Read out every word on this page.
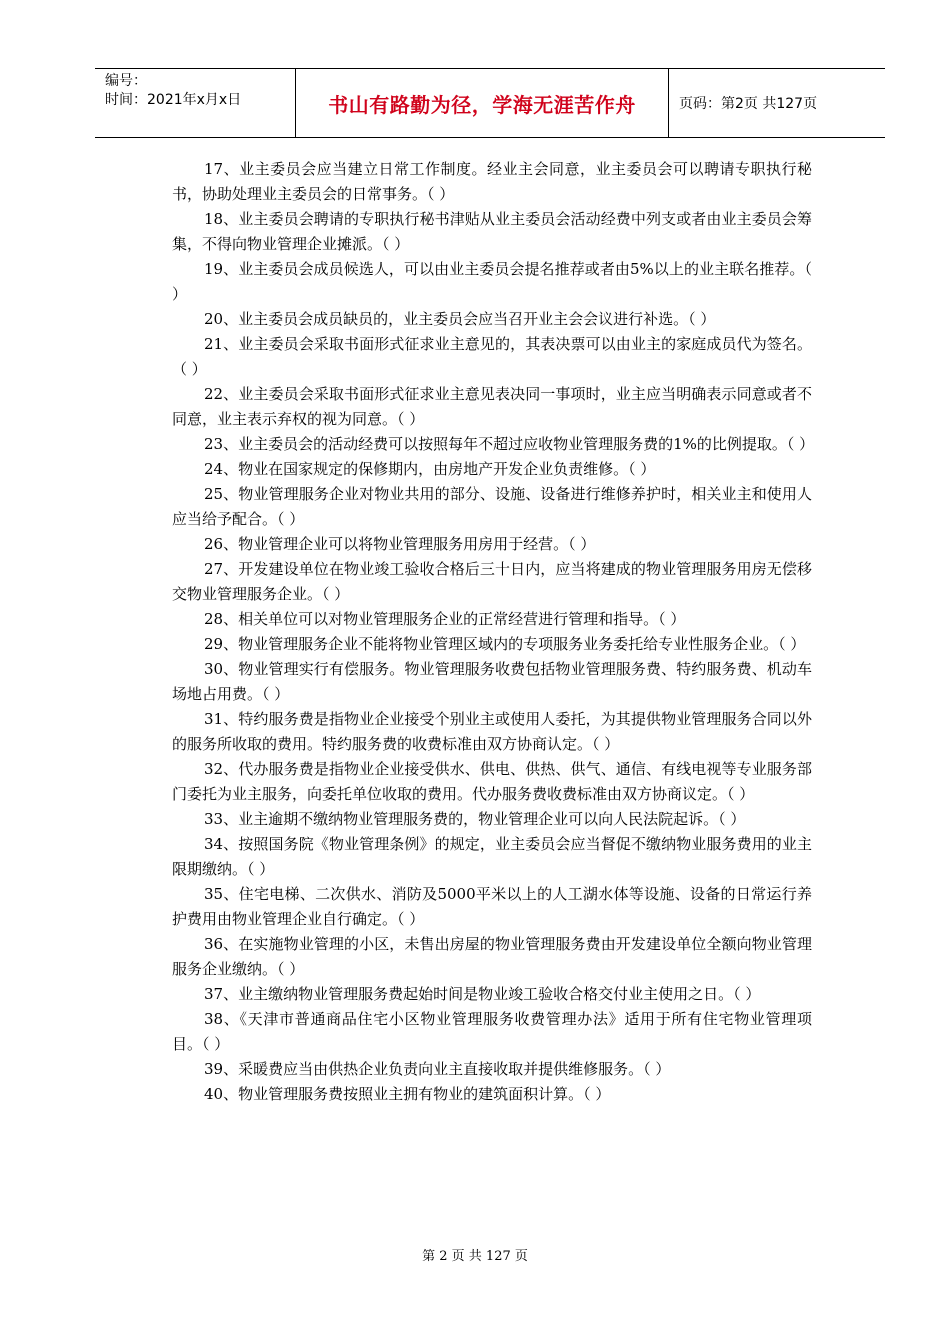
编号：
时间：2021年x月x日	书山有路勤为径，学海无涯苦作舟	页码：第2页 共127页

17、业主委员会应当建立日常工作制度。经业主会同意，业主委员会可以聘请专职执行秘书，协助处理业主委员会的日常事务。（ ）

18、业主委员会聘请的专职执行秘书津贴从业主委员会活动经费中列支或者由业主委员会筹集，不得向物业管理企业摊派。（ ）

19、业主委员会成员候选人，可以由业主委员会提名推荐或者由5%以上的业主联名推荐。（ ）

20、业主委员会成员缺员的，业主委员会应当召开业主会会议进行补选。（ ）

21、业主委员会采取书面形式征求业主意见的，其表决票可以由业主的家庭成员代为签名。（ ）

22、业主委员会采取书面形式征求业主意见表决同一事项时，业主应当明确表示同意或者不同意，业主表示弃权的视为同意。（ ）

23、业主委员会的活动经费可以按照每年不超过应收物业管理服务费的1%的比例提取。（ ）

24、物业在国家规定的保修期内，由房地产开发企业负责维修。（ ）

25、物业管理服务企业对物业共用的部分、设施、设备进行维修养护时，相关业主和使用人应当给予配合。（ ）

26、物业管理企业可以将物业管理服务用房用于经营。（ ）

27、开发建设单位在物业竣工验收合格后三十日内，应当将建成的物业管理服务用房无偿移交物业管理服务企业。（ ）

28、相关单位可以对物业管理服务企业的正常经营进行管理和指导。（ ）

29、物业管理服务企业不能将物业管理区域内的专项服务业务委托给专业性服务企业。（ ）

30、物业管理实行有偿服务。物业管理服务收费包括物业管理服务费、特约服务费、机动车场地占用费。（ ）

31、特约服务费是指物业企业接受个别业主或使用人委托，为其提供物业管理服务合同以外的服务所收取的费用。特约服务费的收费标准由双方协商认定。（ ）

32、代办服务费是指物业企业接受供水、供电、供热、供气、通信、有线电视等专业服务部门委托为业主服务，向委托单位收取的费用。代办服务费收费标准由双方协商议定。（ ）

33、业主逾期不缴纳物业管理服务费的，物业管理企业可以向人民法院起诉。（ ）

34、按照国务院《物业管理条例》的规定，业主委员会应当督促不缴纳物业服务费用的业主限期缴纳。（ ）

35、住宅电梯、二次供水、消防及5000平米以上的人工湖水体等设施、设备的日常运行养护费用由物业管理企业自行确定。（ ）

36、在实施物业管理的小区，未售出房屋的物业管理服务费由开发建设单位全额向物业管理服务企业缴纳。（ ）

37、业主缴纳物业管理服务费起始时间是物业竣工验收合格交付业主使用之日。（ ）

38、《天津市普通商品住宅小区物业管理服务收费管理办法》适用于所有住宅物业管理项目。（ ）

39、采暖费应当由供热企业负责向业主直接收取并提供维修服务。（ ）

40、物业管理服务费按照业主拥有物业的建筑面积计算。（ ）

第 2 页 共 127 页
